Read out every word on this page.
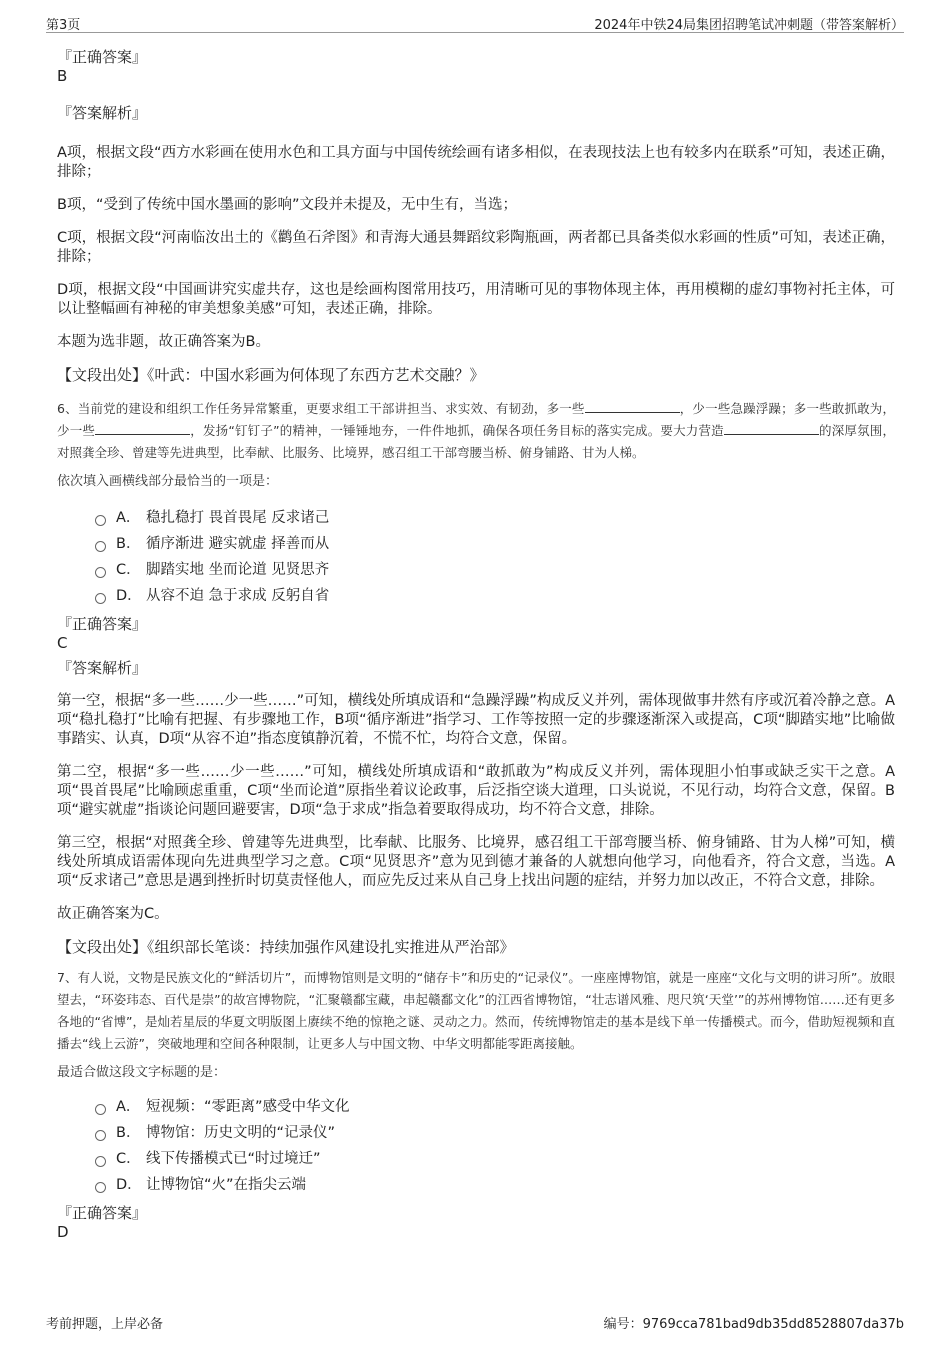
第3页	2024年中铁24局集团招聘笔试冲刺题（带答案解析）

『正确答案』

B

『答案解析』

A项，根据文段“西方水彩画在使用水色和工具方面与中国传统绘画有诸多相似，在表现技法上也有较多内在联系”可知，表述正确，排除；

B项，“受到了传统中国水墨画的影响”文段并未提及，无中生有，当选；

C项，根据文段“河南临汝出土的《鹳鱼石斧图》和青海大通县舞蹈纹彩陶瓶画，两者都已具备类似水彩画的性质”可知，表述正确，排除；

D项，根据文段“中国画讲究实虚共存，这也是绘画构图常用技巧，用清晰可见的事物体现主体，再用模糊的虚幻事物衬托主体，可以让整幅画有神秘的审美想象美感”可知，表述正确，排除。

本题为选非题，故正确答案为B。

【文段出处】《叶武：中国水彩画为何体现了东西方艺术交融？》

6、当前党的建设和组织工作任务异常繁重，更要求组工干部讲担当、求实效、有韧劲，多一些	，少一些急躁浮躁；多一些敢抓敢为，少一些	，发扬“钉钉子”的精神，一锤锤地夯，一件件地抓，确保各项任务目标的落实完成。要大力营造	的深厚氛围，对照龚全珍、曾建等先进典型，比奉献、比服务、比境界，感召组工干部弯腰当桥、俯身铺路、甘为人梯。

依次填入画横线部分最恰当的一项是：

A． 稳扎稳打 畏首畏尾 反求诸己
B． 循序渐进 避实就虚 择善而从
C． 脚踏实地 坐而论道 见贤思齐
D． 从容不迫 急于求成 反躬自省

『正确答案』

C

『答案解析』

第一空，根据“多一些……少一些……”可知，横线处所填成语和“急躁浮躁”构成反义并列，需体现做事井然有序或沉着冷静之意。A项“稳扎稳打”比喻有把握、有步骤地工作，B项“循序渐进”指学习、工作等按照一定的步骤逐渐深入或提高，C项“脚踏实地”比喻做事踏实、认真，D项“从容不迫”指态度镇静沉着，不慌不忙，均符合文意，保留。

第二空，根据“多一些……少一些……”可知，横线处所填成语和“敢抓敢为”构成反义并列，需体现胆小怕事或缺乏实干之意。A项“畏首畏尾”比喻顾虑重重，C项“坐而论道”原指坐着议论政事，后泛指空谈大道理，口头说说，不见行动，均符合文意，保留。B项“避实就虚”指谈论问题回避要害，D项“急于求成”指急着要取得成功，均不符合文意，排除。

第三空，根据“对照龚全珍、曾建等先进典型，比奉献、比服务、比境界，感召组工干部弯腰当桥、俯身铺路、甘为人梯”可知，横线处所填成语需体现向先进典型学习之意。C项“见贤思齐”意为见到德才兼备的人就想向他学习，向他看齐，符合文意，当选。A项“反求诸己”意思是遇到挫折时切莫责怪他人，而应先反过来从自己身上找出问题的症结，并努力加以改正，不符合文意，排除。

故正确答案为C。

【文段出处】《组织部长笔谈：持续加强作风建设扎实推进从严治部》

7、有人说，文物是民族文化的“鲜活切片”，而博物馆则是文明的“储存卡”和历史的“记录仪”。一座座博物馆，就是一座座“文化与文明的讲习所”。放眼望去，“环姿玮态、百代是崇”的故宫博物院，“汇聚赣鄱宝藏，串起赣鄱文化”的江西省博物馆，“壮志谱风雅、咫尺筑‘天堂’”的苏州博物馆……还有更多各地的“省博”，是灿若星辰的华夏文明版图上赓续不绝的惊艳之谜、灵动之力。然而，传统博物馆走的基本是线下单一传播模式。而今，借助短视频和直播去“线上云游”，突破地理和空间各种限制，让更多人与中国文物、中华文明都能零距离接触。

最适合做这段文字标题的是：

A． 短视频：“零距离”感受中华文化
B． 博物馆：历史文明的“记录仪”
C． 线下传播模式已“时过境迁”
D． 让博物馆“火”在指尖云端

『正确答案』

D

考前押题，上岸必备	编号：9769cca781bad9db35dd8528807da37b
